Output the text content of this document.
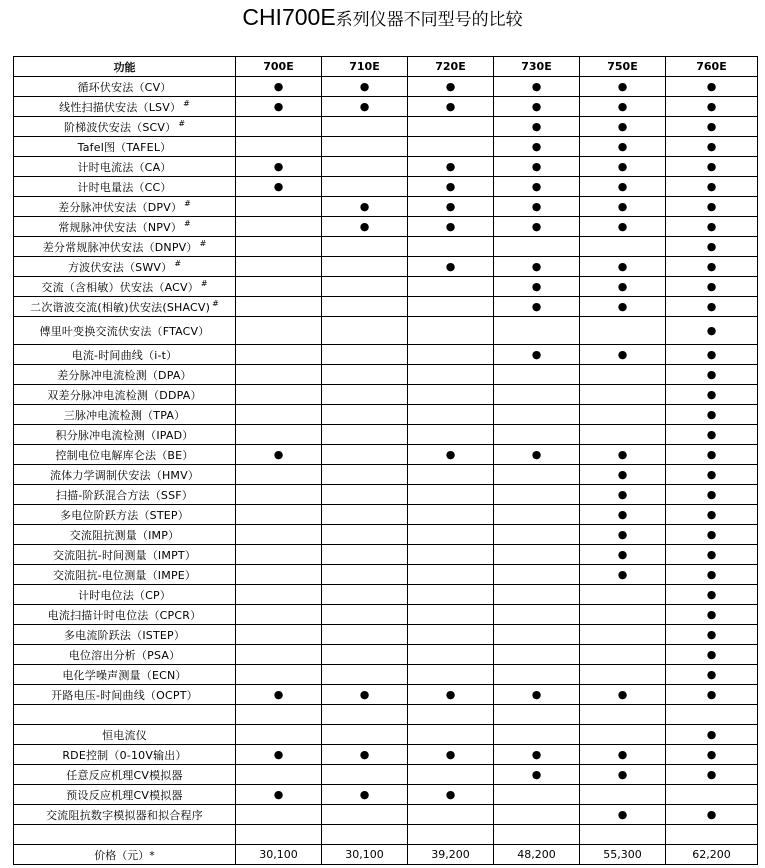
CHI700E系列仪器不同型号的比较
功能	700E	710E	720E	730E	750E	760E
循环伏安法（CV）	●	●	●	●	●	●
线性扫描伏安法（LSV） #	●	●	●	●	●	●
阶梯波伏安法（SCV） #				●	●	●
Tafel图（TAFEL）				●	●	●
计时电流法（CA）	●		●	●	●	●
计时电量法（CC）	●		●	●	●	●
差分脉冲伏安法（DPV） #		●	●	●	●	●
常规脉冲伏安法（NPV） #		●	●	●	●	●
差分常规脉冲伏安法（DNPV） #						●
方波伏安法（SWV） #			●	●	●	●
交流（含相敏）伏安法（ACV） #				●	●	●
二次谐波交流(相敏)伏安法(SHACV) #				●	●	●
傅里叶变换交流伏安法（FTACV）						●
电流-时间曲线（i-t）				●	●	●
差分脉冲电流检测（DPA）						●
双差分脉冲电流检测（DDPA）						●
三脉冲电流检测（TPA）						●
积分脉冲电流检测（IPAD）						●
控制电位电解库仑法（BE）	●		●	●	●	●
流体力学调制伏安法（HMV）					●	●
扫描-阶跃混合方法（SSF）					●	●
多电位阶跃方法（STEP）					●	●
交流阻抗测量（IMP）					●	●
交流阻抗-时间测量（IMPT）					●	●
交流阻抗-电位测量（IMPE）					●	●
计时电位法（CP）						●
电流扫描计时电位法（CPCR）						●
多电流阶跃法（ISTEP）						●
电位溶出分析（PSA）						●
电化学噪声测量（ECN）						●
开路电压-时间曲线（OCPT）	●	●	●	●	●	●

恒电流仪						●
RDE控制（0-10V输出）	●	●	●	●	●	●
任意反应机理CV模拟器				●	●	●
预设反应机理CV模拟器	●	●	●			
交流阻抗数字模拟器和拟合程序					●	●

价格（元）*	30,100	30,100	39,200	48,200	55,300	62,200
